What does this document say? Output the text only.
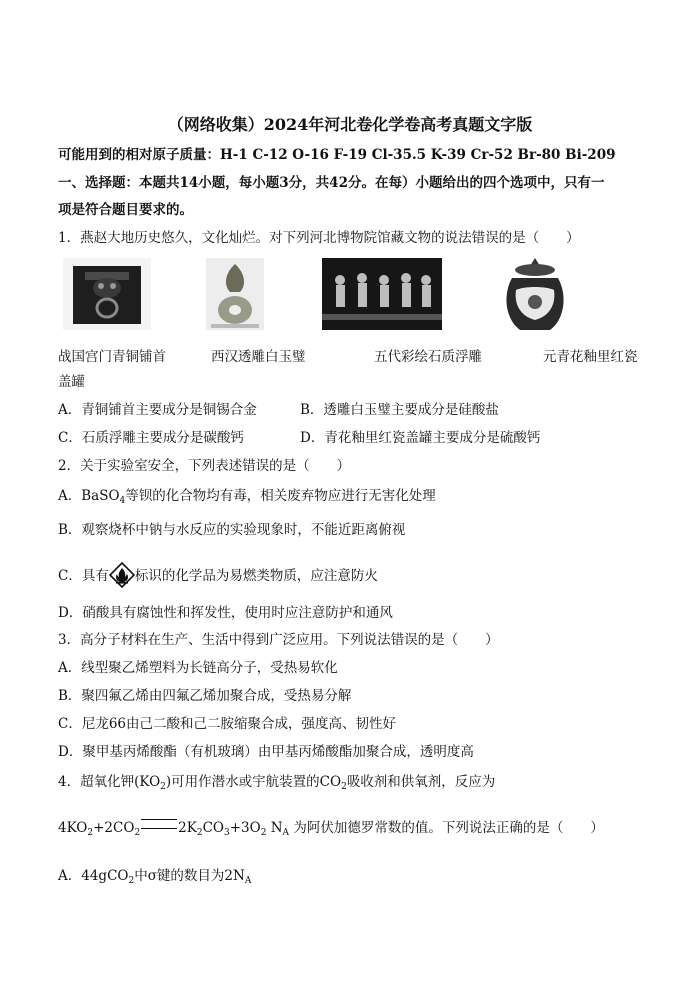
（网络收集）2024年河北卷化学卷高考真题文字版
可能用到的相对原子质量：H-1 C-12 O-16 F-19 Cl-35.5 K-39 Cr-52 Br-80 Bi-209
一、选择题：本题共14小题，每小题3分，共42分。在每）小题给出的四个选项中，只有一
项是符合题目要求的。
1．燕赵大地历史悠久，文化灿烂。对下列河北博物院馆藏文物的说法错误的是（　　）
战国宫门青铜铺首	西汉透雕白玉璧	五代彩绘石质浮雕	元青花釉里红瓷
盖罐
A．青铜铺首主要成分是铜锡合金	B．透雕白玉璧主要成分是硅酸盐
C．石质浮雕主要成分是碳酸钙	D．青花釉里红瓷盖罐主要成分是硫酸钙
2．关于实验室安全，下列表述错误的是（　　）
A．BaSO$_4$等钡的化合物均有毒，相关废弃物应进行无害化处理
B．观察烧杯中钠与水反应的实验现象时，不能近距离俯视
C．具有 标识的化学品为易燃类物质，应注意防火
D．硝酸具有腐蚀性和挥发性，使用时应注意防护和通风
3．高分子材料在生产、生活中得到广泛应用。下列说法错误的是（　　）
A．线型聚乙烯塑料为长链高分子，受热易软化
B．聚四氟乙烯由四氟乙烯加聚合成，受热易分解
C．尼龙66由己二酸和己二胺缩聚合成，强度高、韧性好
D．聚甲基丙烯酸酯（有机玻璃）由甲基丙烯酸酯加聚合成，透明度高
4．超氧化钾$(KO_2)$可用作潜水或宇航装置的$CO_2$吸收剂和供氧剂，反应为
$4KO_2+2CO_2$	$2K_2CO_3+3O_2$ $N_A$ 为阿伏加德罗常数的值。下列说法正确的是（　　）
A．44gCO$_2$中σ键的数目为$2N_A$
